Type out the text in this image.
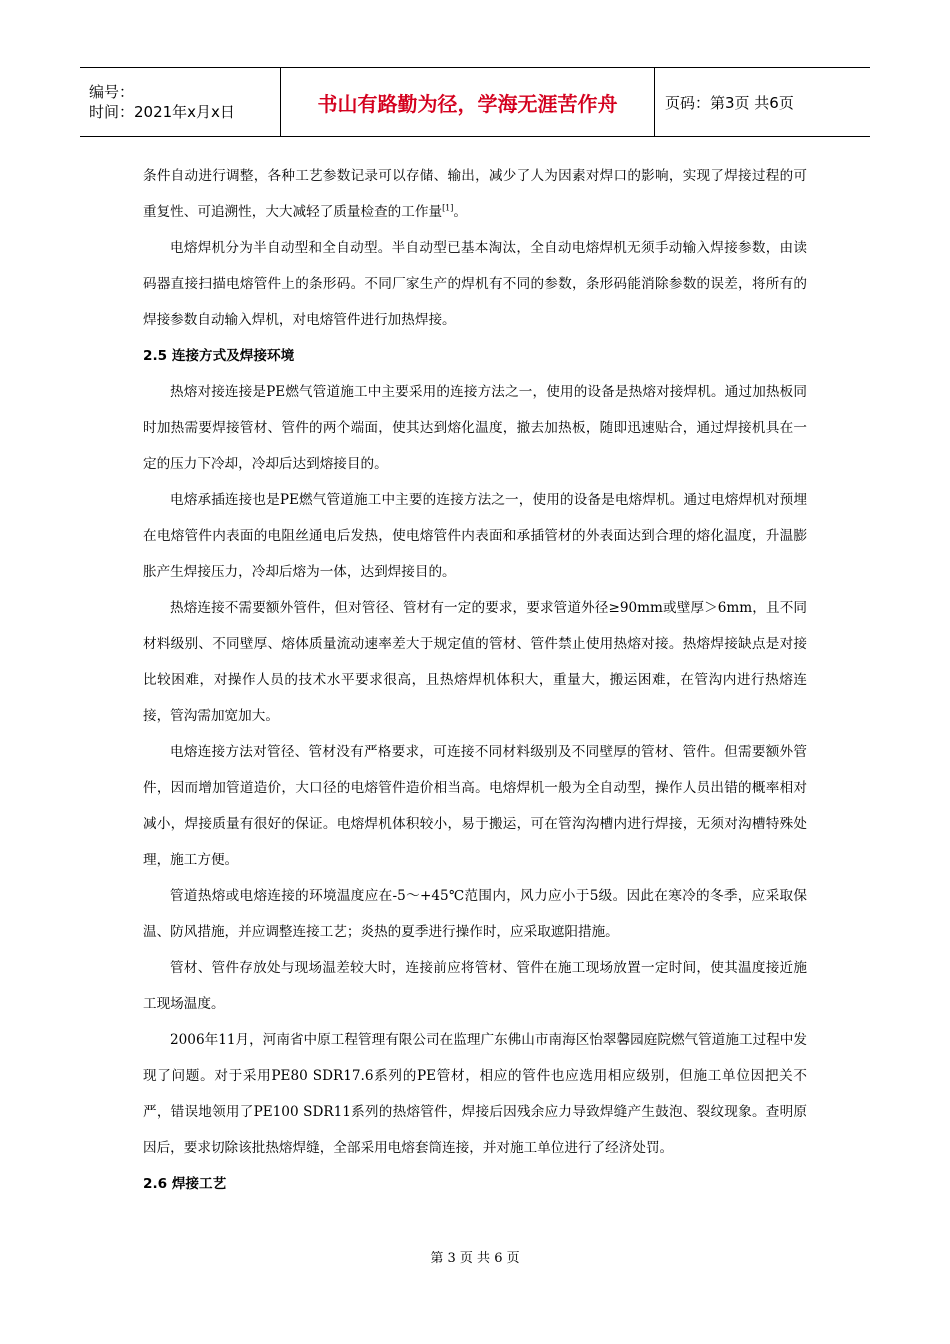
编号：
时间：2021年x月x日	书山有路勤为径，学海无涯苦作舟	页码：第3页 共6页

条件自动进行调整，各种工艺参数记录可以存储、输出，减少了人为因素对焊口的影响，实现了焊接过程的可重复性、可追溯性，大大减轻了质量检查的工作量[1]。

电熔焊机分为半自动型和全自动型。半自动型已基本淘汰，全自动电熔焊机无须手动输入焊接参数，由读码器直接扫描电熔管件上的条形码。不同厂家生产的焊机有不同的参数，条形码能消除参数的误差，将所有的焊接参数自动输入焊机，对电熔管件进行加热焊接。

2.5 连接方式及焊接环境

热熔对接连接是PE燃气管道施工中主要采用的连接方法之一，使用的设备是热熔对接焊机。通过加热板同时加热需要焊接管材、管件的两个端面，使其达到熔化温度，撤去加热板，随即迅速贴合，通过焊接机具在一定的压力下冷却，冷却后达到熔接目的。

电熔承插连接也是PE燃气管道施工中主要的连接方法之一，使用的设备是电熔焊机。通过电熔焊机对预埋在电熔管件内表面的电阻丝通电后发热，使电熔管件内表面和承插管材的外表面达到合理的熔化温度，升温膨胀产生焊接压力，冷却后熔为一体，达到焊接目的。

热熔连接不需要额外管件，但对管径、管材有一定的要求，要求管道外径≥90mm或壁厚＞6mm，且不同材料级别、不同壁厚、熔体质量流动速率差大于规定值的管材、管件禁止使用热熔对接。热熔焊接缺点是对接比较困难，对操作人员的技术水平要求很高，且热熔焊机体积大，重量大，搬运困难，在管沟内进行热熔连接，管沟需加宽加大。

电熔连接方法对管径、管材没有严格要求，可连接不同材料级别及不同壁厚的管材、管件。但需要额外管件，因而增加管道造价，大口径的电熔管件造价相当高。电熔焊机一般为全自动型，操作人员出错的概率相对减小，焊接质量有很好的保证。电熔焊机体积较小，易于搬运，可在管沟沟槽内进行焊接，无须对沟槽特殊处理，施工方便。

管道热熔或电熔连接的环境温度应在-5～+45℃范围内，风力应小于5级。因此在寒冷的冬季，应采取保温、防风措施，并应调整连接工艺；炎热的夏季进行操作时，应采取遮阳措施。

管材、管件存放处与现场温差较大时，连接前应将管材、管件在施工现场放置一定时间，使其温度接近施工现场温度。

2006年11月，河南省中原工程管理有限公司在监理广东佛山市南海区怡翠馨园庭院燃气管道施工过程中发现了问题。对于采用PE80 SDR17.6系列的PE管材，相应的管件也应选用相应级别，但施工单位因把关不严，错误地领用了PE100 SDR11系列的热熔管件，焊接后因残余应力导致焊缝产生鼓泡、裂纹现象。查明原因后，要求切除该批热熔焊缝，全部采用电熔套筒连接，并对施工单位进行了经济处罚。

2.6 焊接工艺

第 3 页 共 6 页
